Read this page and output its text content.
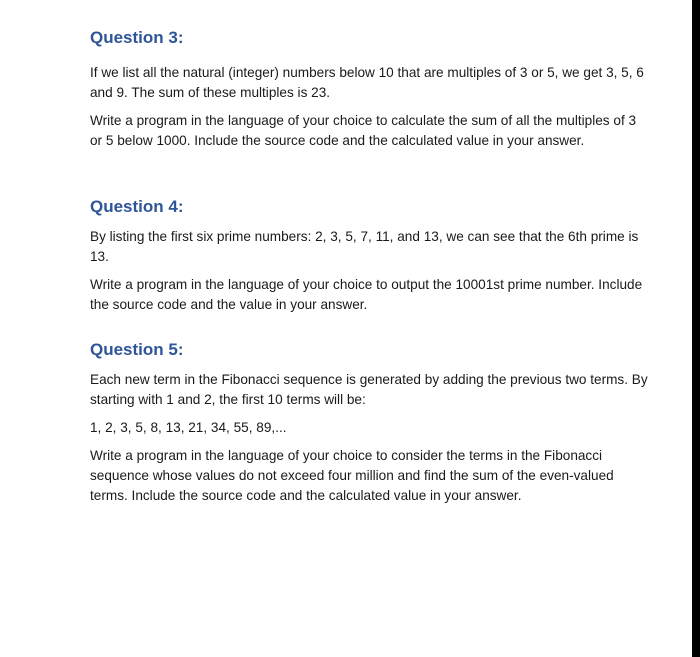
Question 3:

If we list all the natural (integer) numbers below 10 that are multiples of 3 or 5, we get 3, 5, 6 and 9. The sum of these multiples is 23.

Write a program in the language of your choice to calculate the sum of all the multiples of 3 or 5 below 1000. Include the source code and the calculated value in your answer.

Question 4:

By listing the first six prime numbers: 2, 3, 5, 7, 11, and 13, we can see that the 6th prime is 13.

Write a program in the language of your choice to output the 10001st prime number. Include the source code and the value in your answer.

Question 5:

Each new term in the Fibonacci sequence is generated by adding the previous two terms. By starting with 1 and 2, the first 10 terms will be:

1, 2, 3, 5, 8, 13, 21, 34, 55, 89,...

Write a program in the language of your choice to consider the terms in the Fibonacci sequence whose values do not exceed four million and find the sum of the even-valued terms. Include the source code and the calculated value in your answer.
